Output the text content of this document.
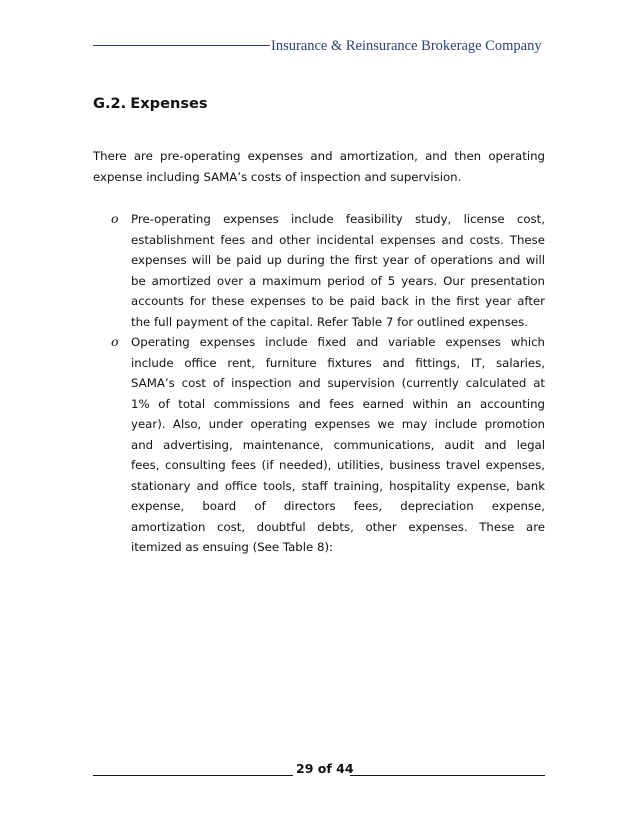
Insurance & Reinsurance Brokerage Company
G.2. Expenses
There are pre-operating expenses and amortization, and then operating
expense including SAMA’s costs of inspection and supervision.
o	Pre-operating expenses include feasibility study, license cost,
establishment fees and other incidental expenses and costs. These
expenses will be paid up during the first year of operations and will
be amortized over a maximum period of 5 years. Our presentation
accounts for these expenses to be paid back in the first year after
the full payment of the capital. Refer Table 7 for outlined expenses.
o	Operating expenses include fixed and variable expenses which
include office rent, furniture fixtures and fittings, IT, salaries,
SAMA’s cost of inspection and supervision (currently calculated at
1% of total commissions and fees earned within an accounting
year). Also, under operating expenses we may include promotion
and advertising, maintenance, communications, audit and legal
fees, consulting fees (if needed), utilities, business travel expenses,
stationary and office tools, staff training, hospitality expense, bank
expense, board of directors fees, depreciation expense,
amortization cost, doubtful debts, other expenses. These are
itemized as ensuing (See Table 8):
29 of 44
